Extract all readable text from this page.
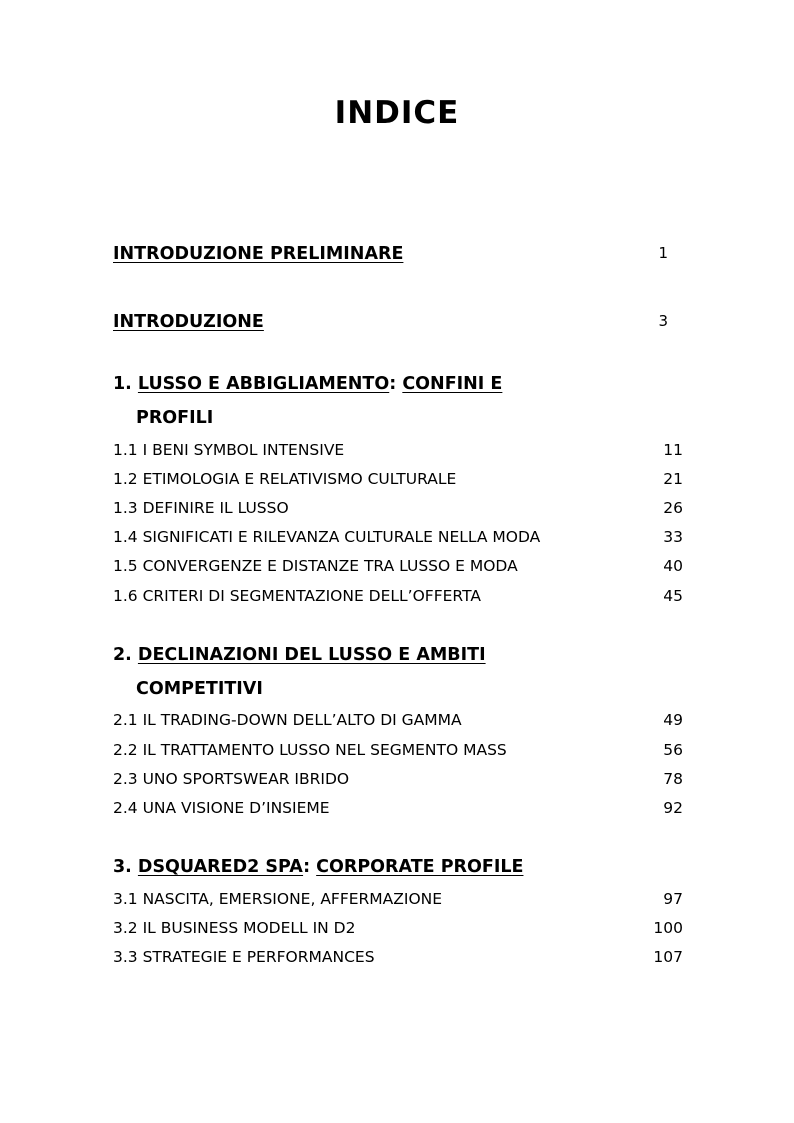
INDICE
INTRODUZIONE PRELIMINARE	1
INTRODUZIONE	3
1. LUSSO E ABBIGLIAMENTO: CONFINI E
PROFILI
1.1 I BENI SYMBOL INTENSIVE	11
1.2 ETIMOLOGIA E RELATIVISMO CULTURALE	21
1.3 DEFINIRE IL LUSSO	26
1.4 SIGNIFICATI E RILEVANZA CULTURALE NELLA MODA	33
1.5 CONVERGENZE E DISTANZE TRA LUSSO E MODA	40
1.6 CRITERI DI SEGMENTAZIONE DELL’OFFERTA	45
2. DECLINAZIONI DEL LUSSO E AMBITI
COMPETITIVI
2.1 IL TRADING-DOWN DELL’ALTO DI GAMMA	49
2.2 IL TRATTAMENTO LUSSO NEL SEGMENTO MASS	56
2.3 UNO SPORTSWEAR IBRIDO	78
2.4 UNA VISIONE D’INSIEME	92
3. DSQUARED2 SPA: CORPORATE PROFILE
3.1 NASCITA, EMERSIONE, AFFERMAZIONE	97
3.2 IL BUSINESS MODELL IN D2	100
3.3 STRATEGIE E PERFORMANCES	107
